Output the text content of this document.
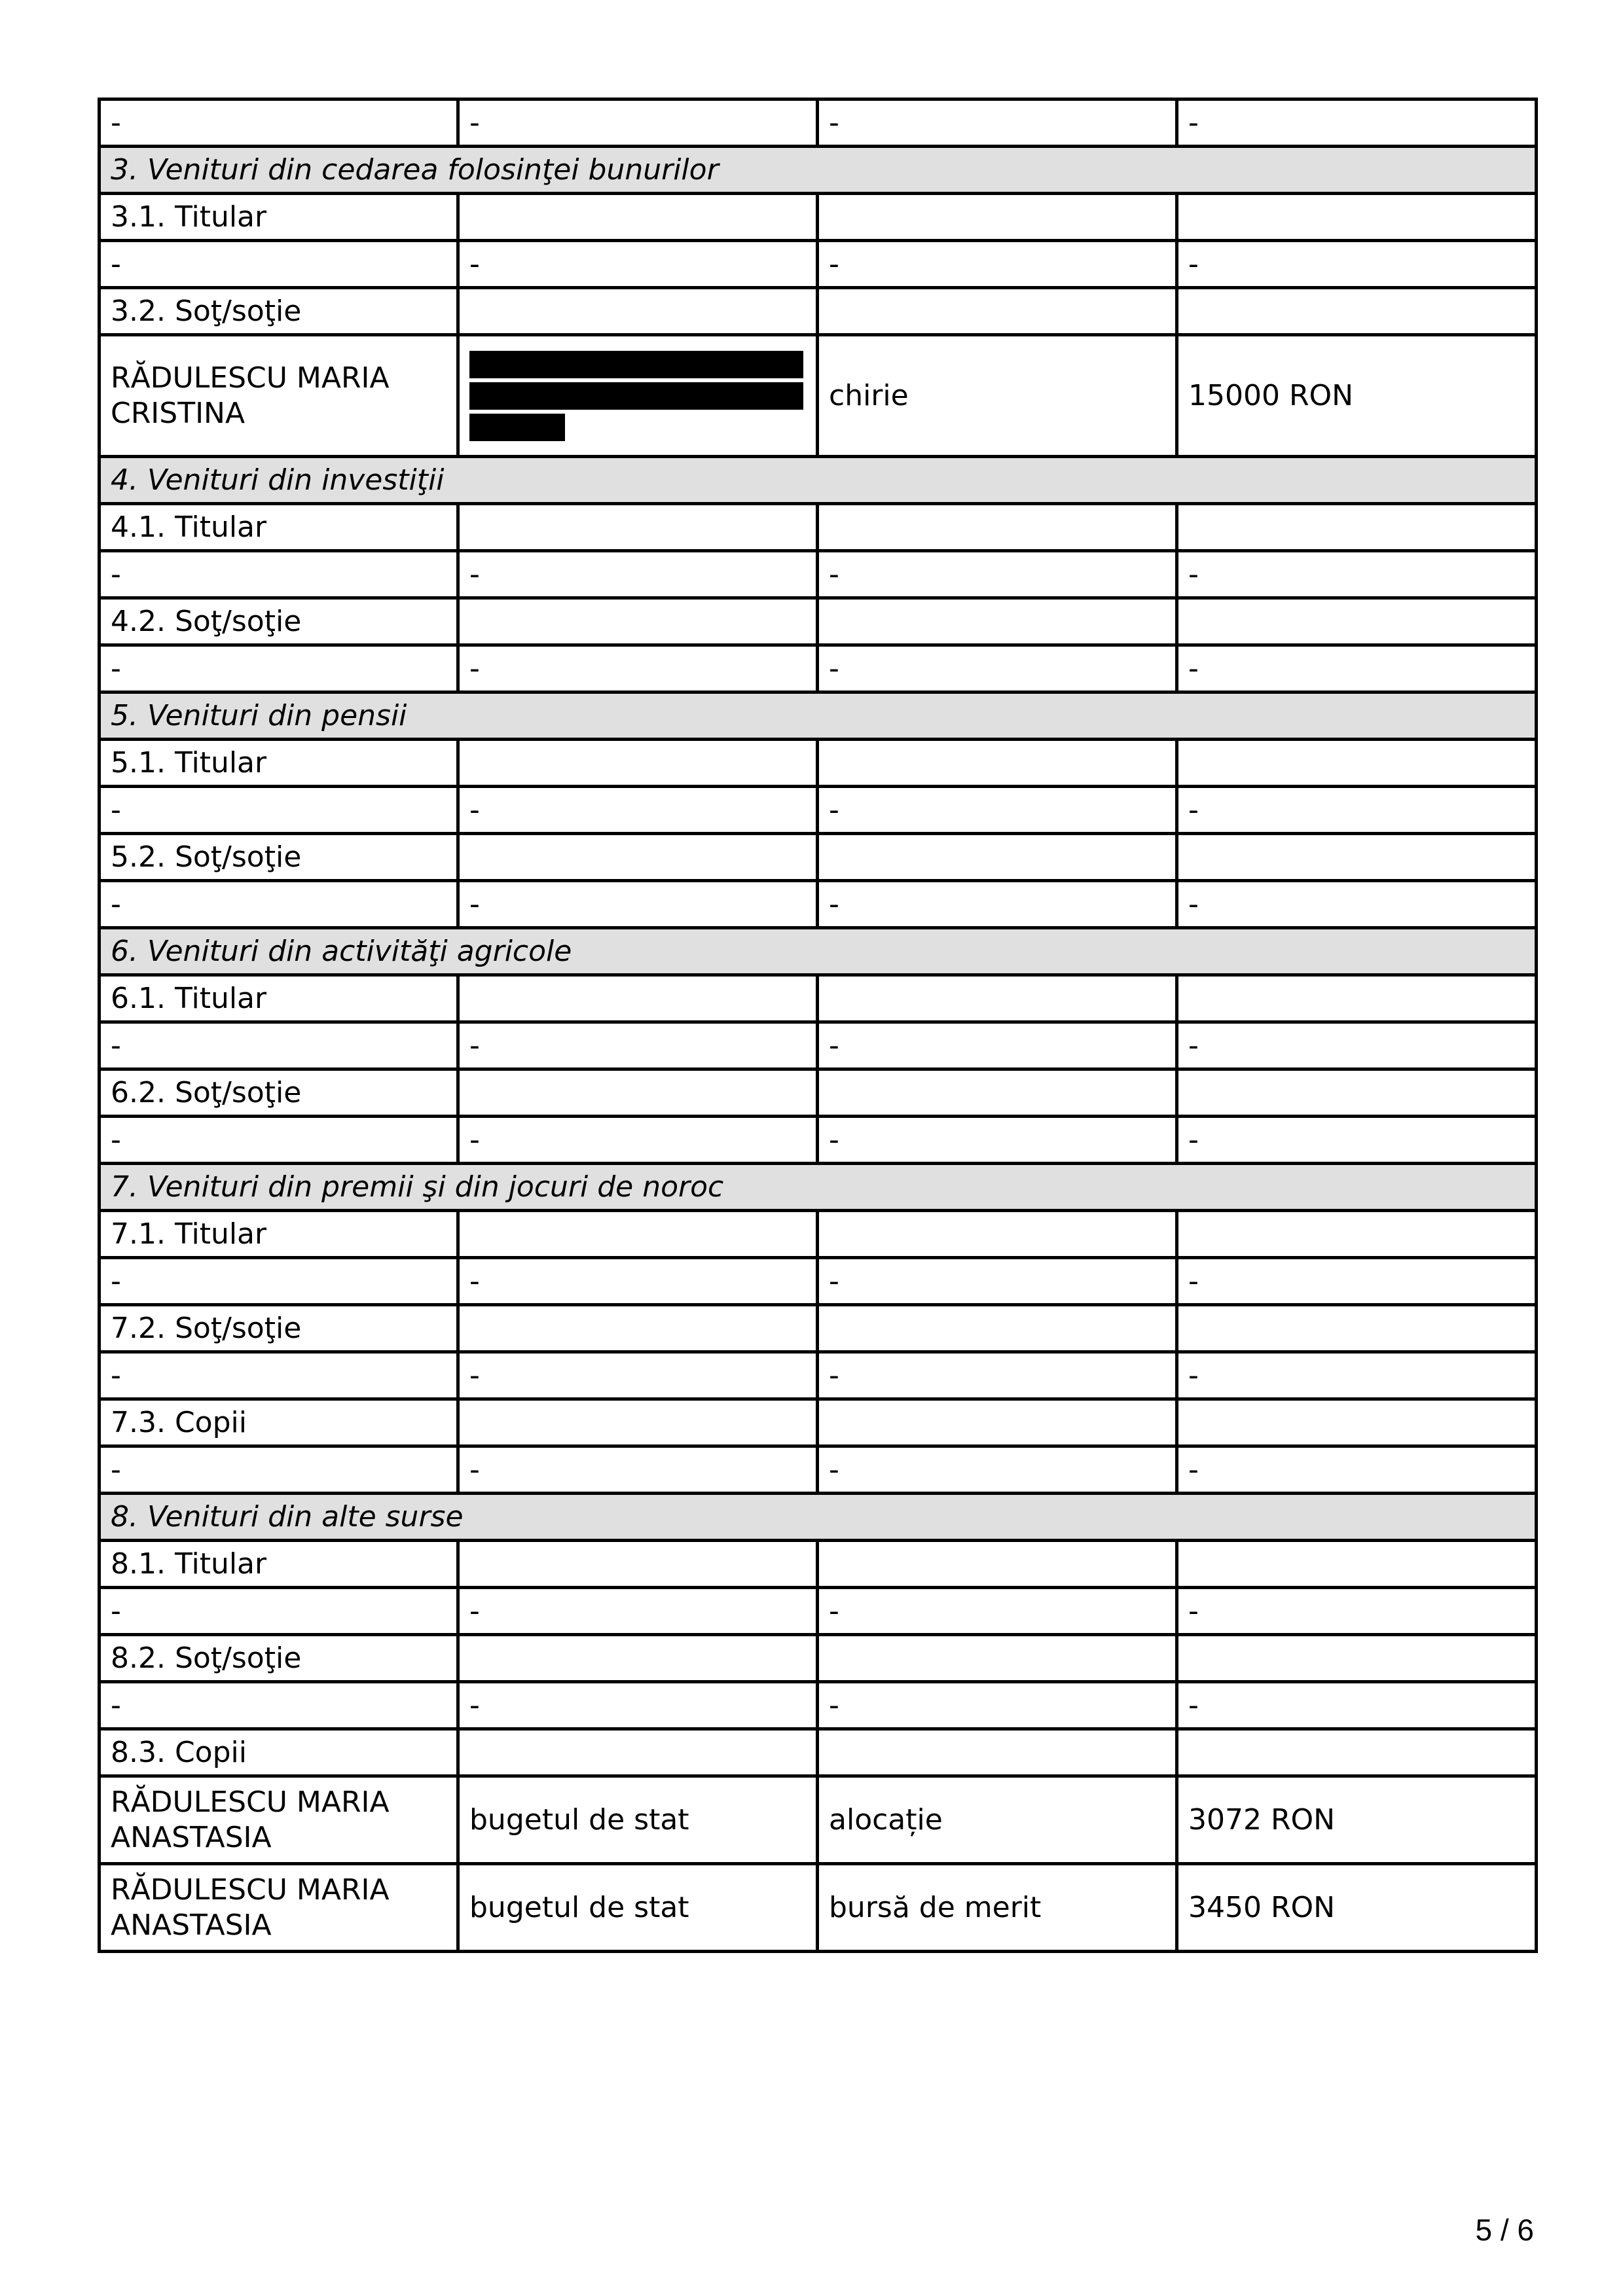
-	-	-	-
3. Venituri din cedarea folosinţei bunurilor			
3.1. Titular			
-	-	-	-
3.2. Soţ/soţie			
RĂDULESCU MARIA CRISTINA		chirie	15000 RON
4. Venituri din investiţii			
4.1. Titular			
-	-	-	-
4.2. Soţ/soţie			
-	-	-	-
5. Venituri din pensii			
5.1. Titular			
-	-	-	-
5.2. Soţ/soţie			
-	-	-	-
6. Venituri din activităţi agricole			
6.1. Titular			
-	-	-	-
6.2. Soţ/soţie			
-	-	-	-
7. Venituri din premii şi din jocuri de noroc			
7.1. Titular			
-	-	-	-
7.2. Soţ/soţie			
-	-	-	-
7.3. Copii			
-	-	-	-
8. Venituri din alte surse			
8.1. Titular			
-	-	-	-
8.2. Soţ/soţie			
-	-	-	-
8.3. Copii			
RĂDULESCU MARIA ANASTASIA	bugetul de stat	alocație	3072 RON
RĂDULESCU MARIA ANASTASIA	bugetul de stat	bursă de merit	3450 RON
5 / 6
